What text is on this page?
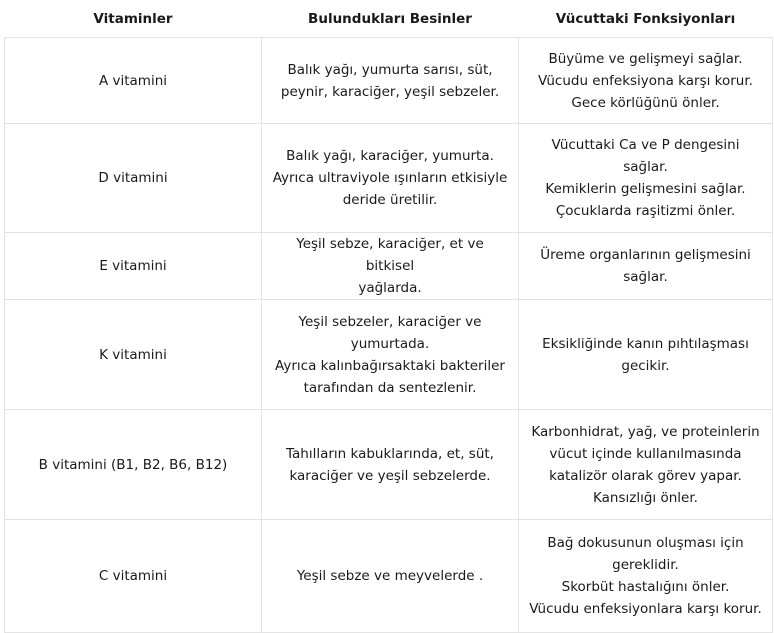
Vitaminler	Bulundukları Besinler	Vücuttaki Fonksiyonları
A vitamini	Balık yağı, yumurta sarısı, süt,
peynir, karaciğer, yeşil sebzeler.	Büyüme ve gelişmeyi sağlar.
Vücudu enfeksiyona karşı korur.
Gece körlüğünü önler.

D vitamini	Balık yağı, karaciğer, yumurta.
Ayrıca ultraviyole ışınların etkisiyle
deride üretilir.	Vücuttaki Ca ve P dengesini
sağlar.
Kemiklerin gelişmesini sağlar.
Çocuklarda raşitizmi önler.

E vitamini	Yeşil sebze, karaciğer, et ve bitkisel
yağlarda.	Üreme organlarının gelişmesini
sağlar.

K vitamini	Yeşil sebzeler, karaciğer ve
yumurtada.
Ayrıca kalınbağırsaktaki bakteriler
tarafından da sentezlenir.	Eksikliğinde kanın pıhtılaşması
gecikir.

B vitamini (B1, B2, B6, B12)	Tahılların kabuklarında, et, süt,
karaciğer ve yeşil sebzelerde.	Karbonhidrat, yağ, ve proteinlerin
vücut içinde kullanılmasında
katalizör olarak görev yapar.
Kansızlığı önler.

C vitamini	Yeşil sebze ve meyvelerde .	Bağ dokusunun oluşması için
gereklidir.
Skorbüt hastalığını önler.
Vücudu enfeksiyonlara karşı korur.
